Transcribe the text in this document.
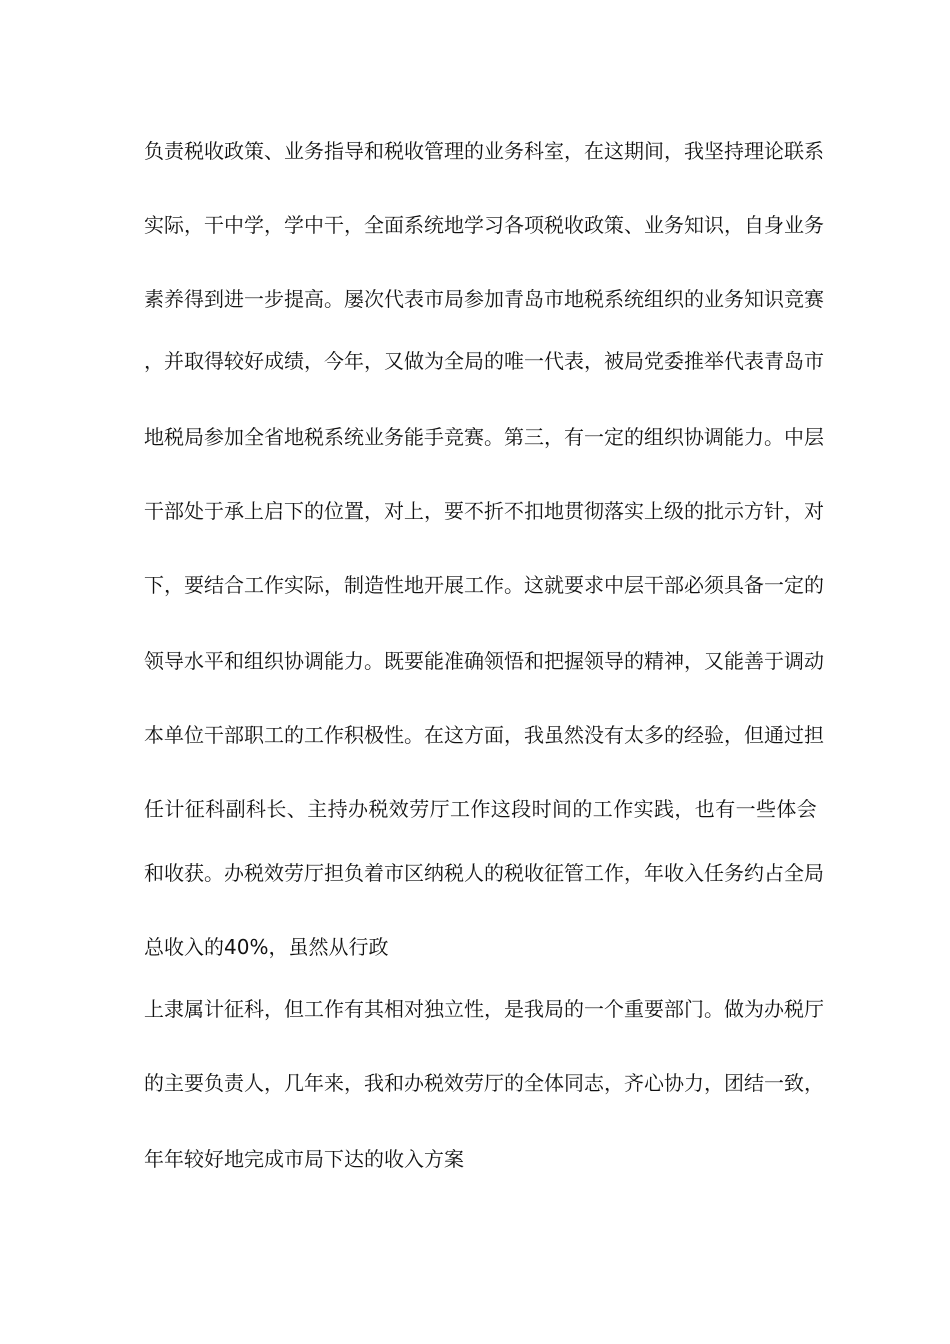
负责税收政策、业务指导和税收管理的业务科室，在这期间，我坚持理论联系
实际，干中学，学中干，全面系统地学习各项税收政策、业务知识，自身业务
素养得到进一步提高。屡次代表市局参加青岛市地税系统组织的业务知识竞赛
，并取得较好成绩，今年，又做为全局的唯一代表，被局党委推举代表青岛市
地税局参加全省地税系统业务能手竞赛。第三，有一定的组织协调能力。中层
干部处于承上启下的位置，对上，要不折不扣地贯彻落实上级的批示方针，对
下，要结合工作实际，制造性地开展工作。这就要求中层干部必须具备一定的
领导水平和组织协调能力。既要能准确领悟和把握领导的精神，又能善于调动
本单位干部职工的工作积极性。在这方面，我虽然没有太多的经验，但通过担
任计征科副科长、主持办税效劳厅工作这段时间的工作实践，也有一些体会
和收获。办税效劳厅担负着市区纳税人的税收征管工作，年收入任务约占全局
总收入的40%，虽然从行政
上隶属计征科，但工作有其相对独立性，是我局的一个重要部门。做为办税厅
的主要负责人，几年来，我和办税效劳厅的全体同志，齐心协力，团结一致，
年年较好地完成市局下达的收入方案
